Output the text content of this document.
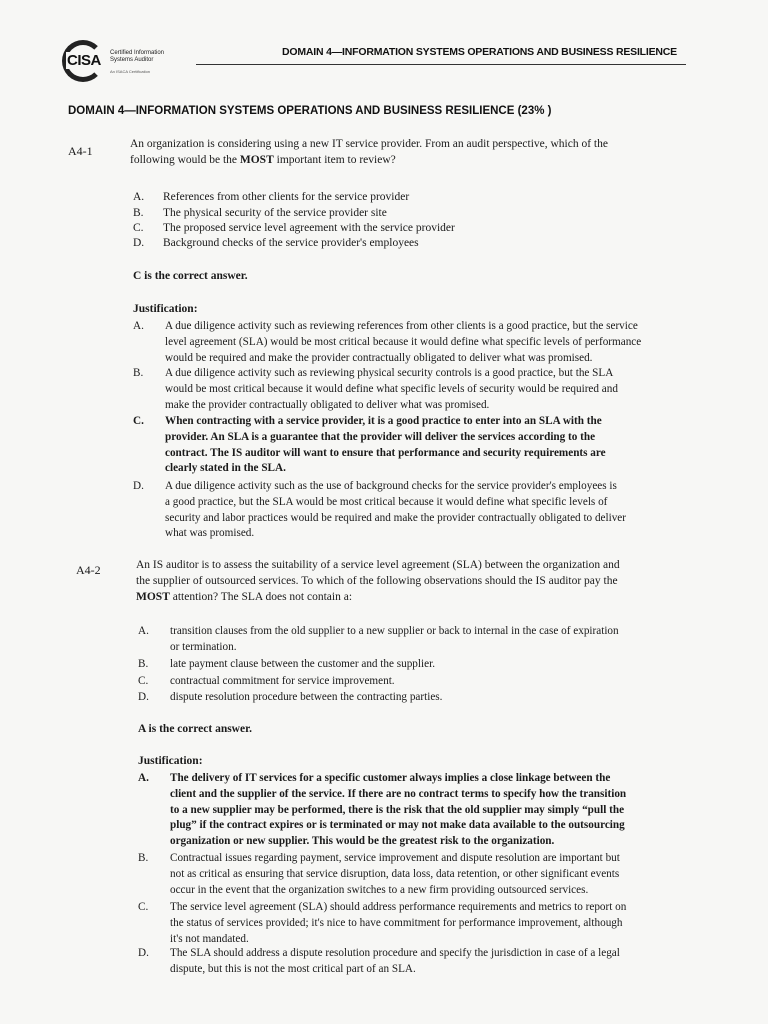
CISA Certified Information Systems Auditor
An ISACA Certification
DOMAIN 4—INFORMATION SYSTEMS OPERATIONS AND BUSINESS RESILIENCE
DOMAIN 4—INFORMATION SYSTEMS OPERATIONS AND BUSINESS RESILIENCE (23% )
A4-1	An organization is considering using a new IT service provider. From an audit perspective, which of the
following would be the MOST important item to review?
A. References from other clients for the service provider
B. The physical security of the service provider site
C. The proposed service level agreement with the service provider
D. Background checks of the service provider's employees
C is the correct answer.
Justification:
A. A due diligence activity such as reviewing references from other clients is a good practice, but the service
level agreement (SLA) would be most critical because it would define what specific levels of performance
would be required and make the provider contractually obligated to deliver what was promised.
B. A due diligence activity such as reviewing physical security controls is a good practice, but the SLA
would be most critical because it would define what specific levels of security would be required and
make the provider contractually obligated to deliver what was promised.
C. When contracting with a service provider, it is a good practice to enter into an SLA with the
provider. An SLA is a guarantee that the provider will deliver the services according to the
contract. The IS auditor will want to ensure that performance and security requirements are
clearly stated in the SLA.
D. A due diligence activity such as the use of background checks for the service provider's employees is
a good practice, but the SLA would be most critical because it would define what specific levels of
security and labor practices would be required and make the provider contractually obligated to deliver
what was promised.
A4-2	An IS auditor is to assess the suitability of a service level agreement (SLA) between the organization and
the supplier of outsourced services. To which of the following observations should the IS auditor pay the
MOST attention? The SLA does not contain a:
A. transition clauses from the old supplier to a new supplier or back to internal in the case of expiration
or termination.
B. late payment clause between the customer and the supplier.
C. contractual commitment for service improvement.
D. dispute resolution procedure between the contracting parties.
A is the correct answer.
Justification:
A. The delivery of IT services for a specific customer always implies a close linkage between the
client and the supplier of the service. If there are no contract terms to specify how the transition
to a new supplier may be performed, there is the risk that the old supplier may simply “pull the
plug” if the contract expires or is terminated or may not make data available to the outsourcing
organization or new supplier. This would be the greatest risk to the organization.
B. Contractual issues regarding payment, service improvement and dispute resolution are important but
not as critical as ensuring that service disruption, data loss, data retention, or other significant events
occur in the event that the organization switches to a new firm providing outsourced services.
C. The service level agreement (SLA) should address performance requirements and metrics to report on
the status of services provided; it's nice to have commitment for performance improvement, although
it's not mandated.
D. The SLA should address a dispute resolution procedure and specify the jurisdiction in case of a legal
dispute, but this is not the most critical part of an SLA.
